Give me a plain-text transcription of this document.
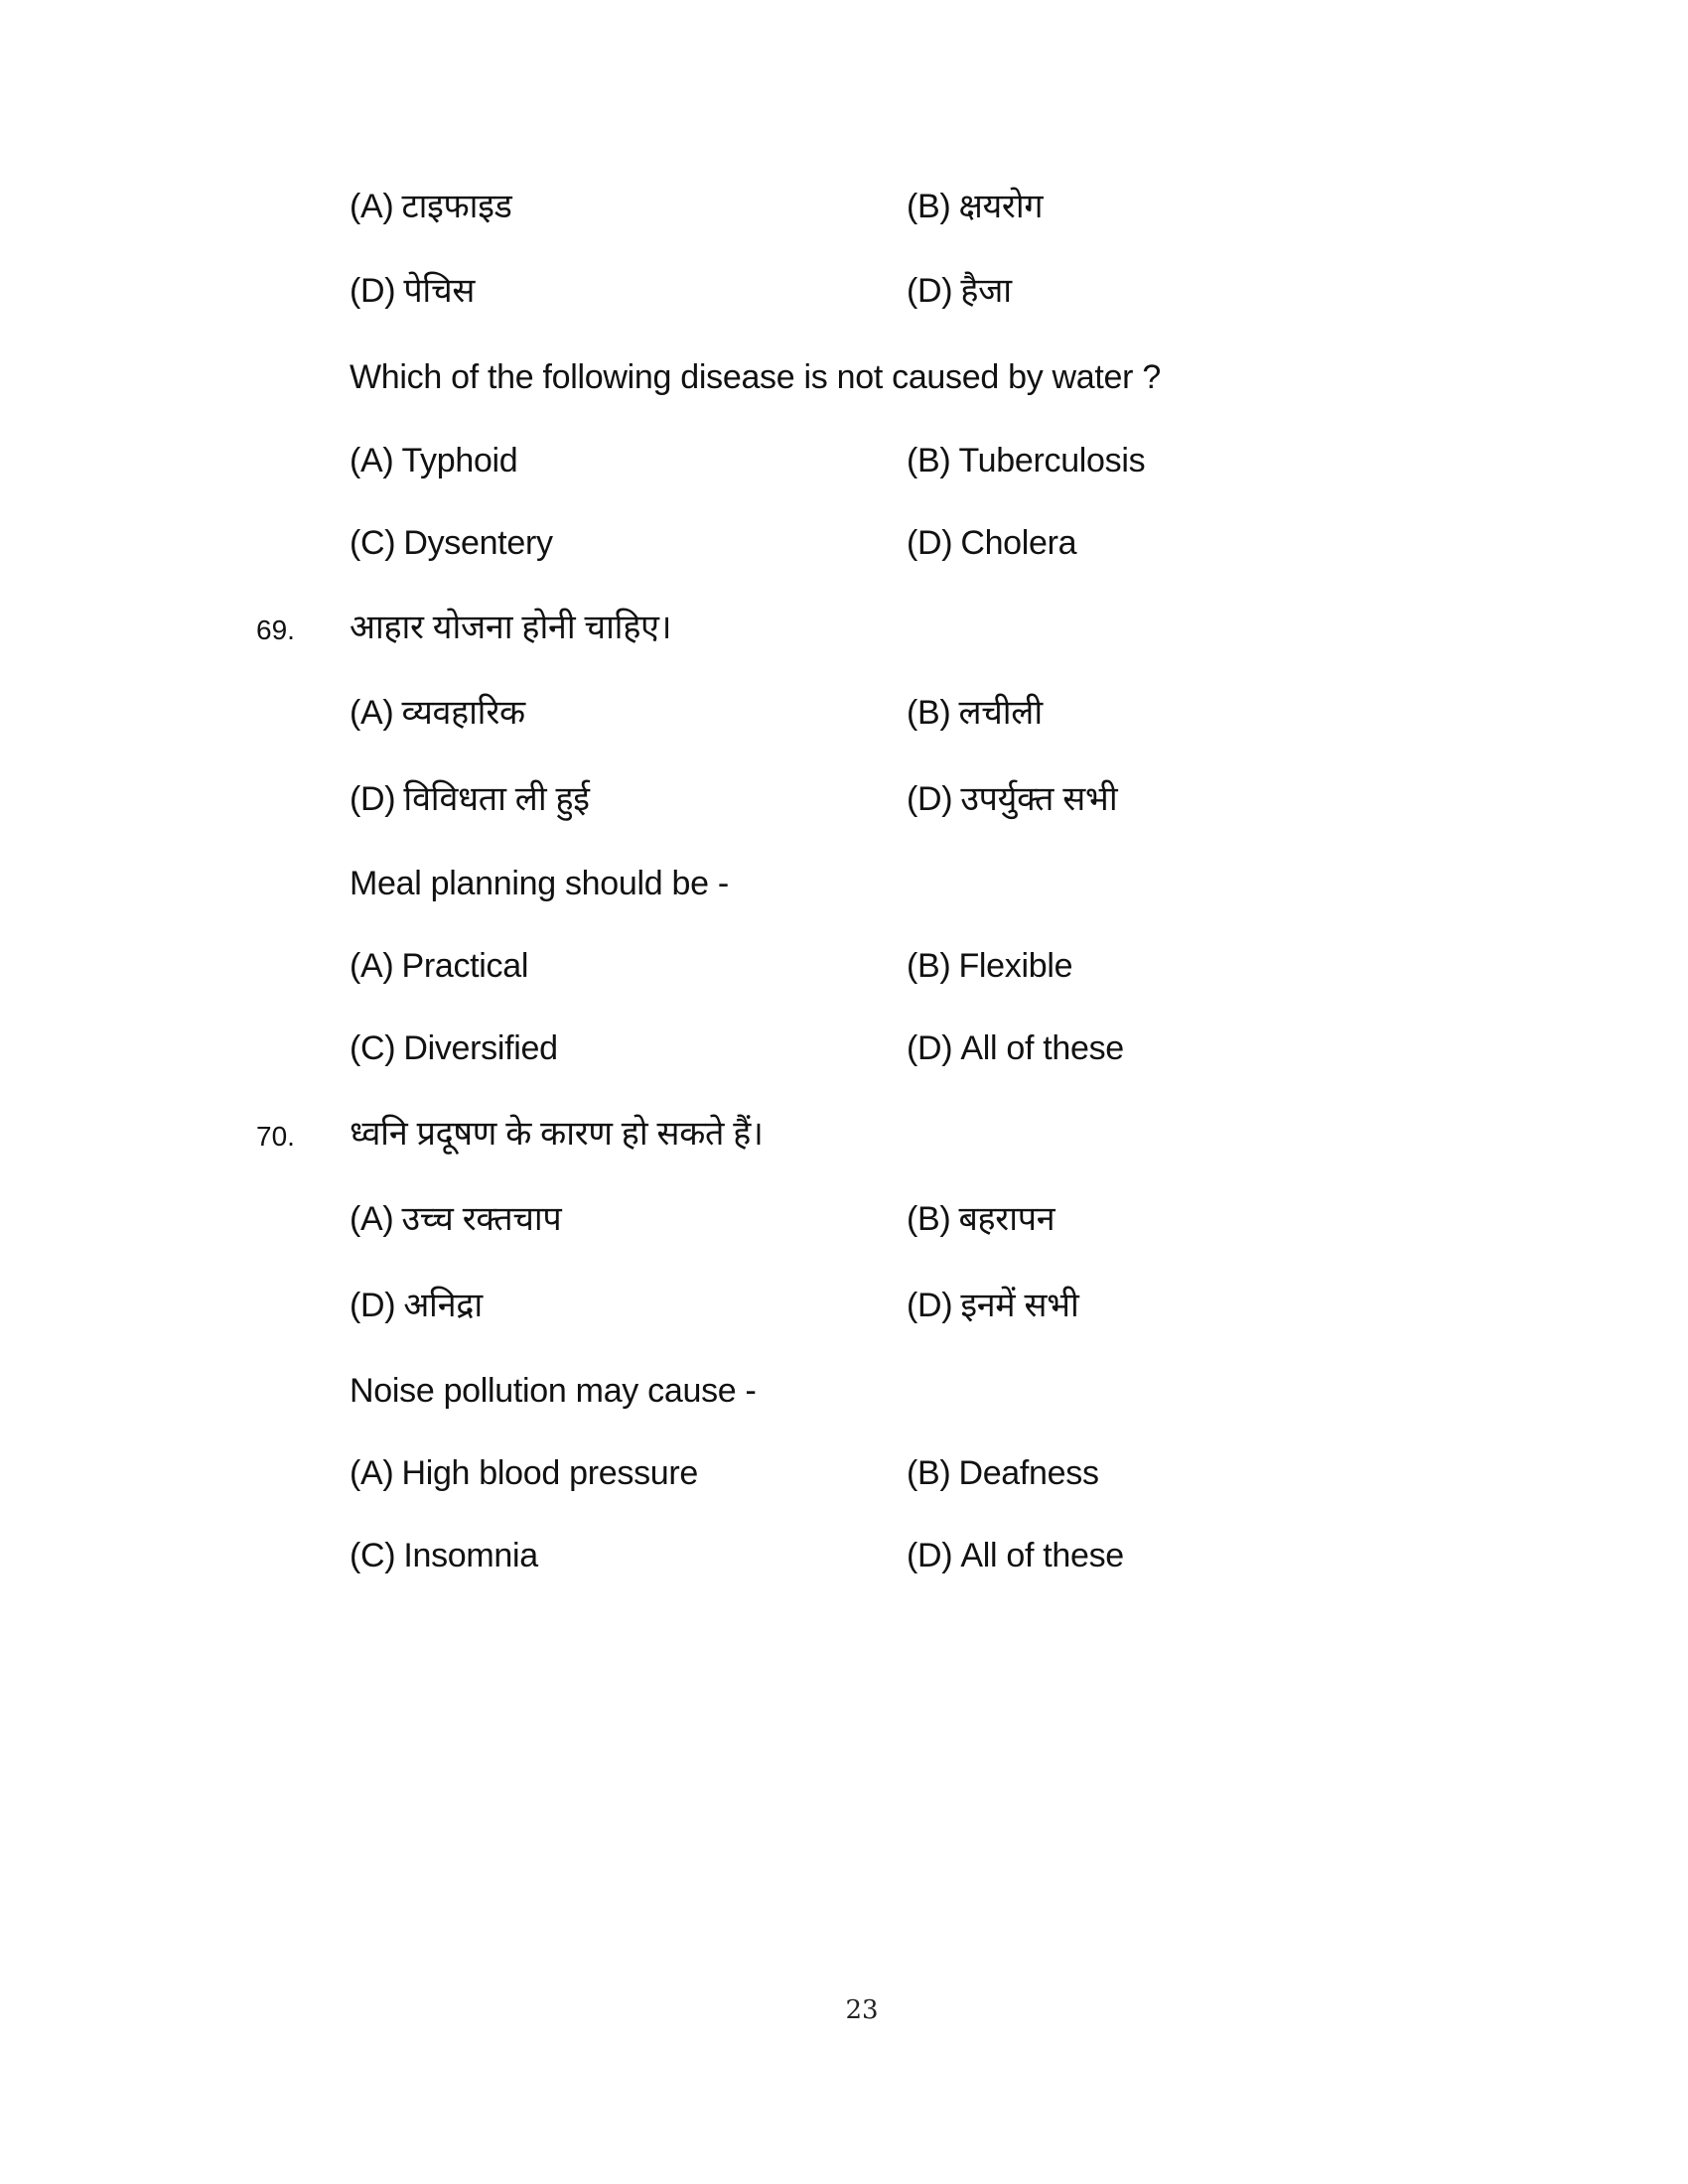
(A) टाइफाइड	(B) क्षयरोग
(D) पेचिस	(D) हैजा
Which of the following disease is not caused by water ?
(A) Typhoid	(B) Tuberculosis
(C) Dysentery	(D) Cholera
69. आहार योजना होनी चाहिए।
(A) व्यवहारिक	(B) लचीली
(D) विविधता ली हुई	(D) उपर्युक्त सभी
Meal planning should be -
(A) Practical	(B) Flexible
(C) Diversified	(D) All of these
70. ध्वनि प्रदूषण के कारण हो सकते हैं।
(A) उच्च रक्तचाप	(B) बहरापन
(D) अनिद्रा	(D) इनमें सभी
Noise pollution may cause -
(A) High blood pressure	(B) Deafness
(C) Insomnia	(D) All of these
23
